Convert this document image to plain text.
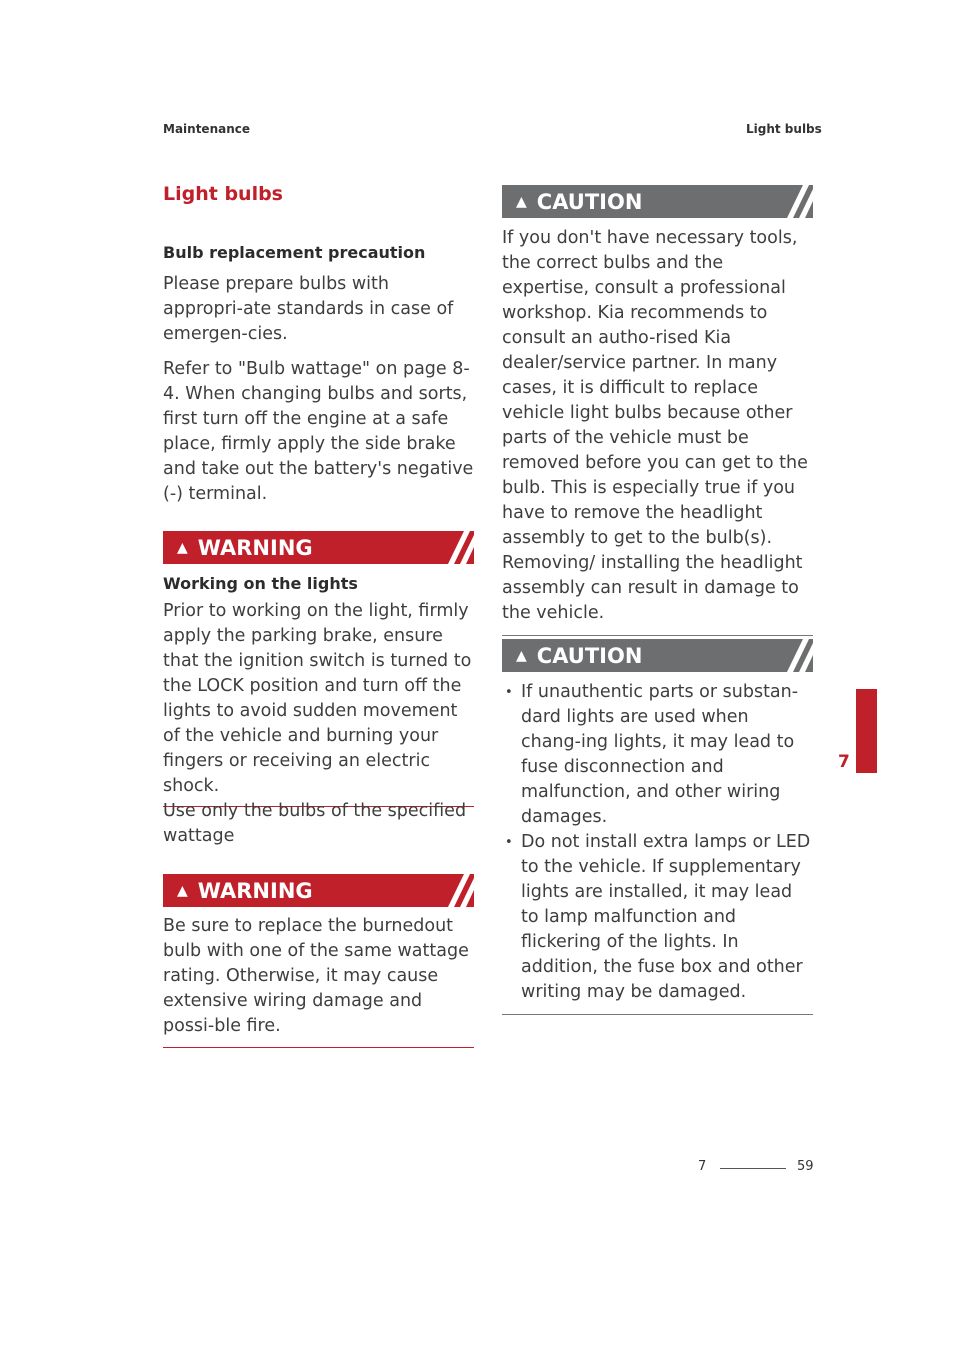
Maintenance	Light bulbs
Light bulbs

Bulb replacement precaution

Please prepare bulbs with appropri-ate standards in case of emergen-cies.

Refer to "Bulb wattage" on page 8-4. When changing bulbs and sorts, first turn off the engine at a safe place, firmly apply the side brake and take out the battery's negative (-) terminal.

▲ WARNING

Working on the lights

Prior to working on the light, firmly apply the parking brake, ensure that the ignition switch is turned to the LOCK position and turn off the lights to avoid sudden movement of the vehicle and burning your fingers or receiving an electric shock.

Use only the bulbs of the specified wattage

▲ WARNING

Be sure to replace the burnedout bulb with one of the same wattage rating. Otherwise, it may cause extensive wiring damage and possi-ble fire.

▲ CAUTION

If you don't have necessary tools, the correct bulbs and the expertise, consult a professional workshop. Kia recommends to consult an autho-rised Kia dealer/service partner. In many cases, it is difficult to replace vehicle light bulbs because other parts of the vehicle must be removed before you can get to the bulb. This is especially true if you have to remove the headlight assembly to get to the bulb(s). Removing/ installing the headlight assembly can result in damage to the vehicle.

▲ CAUTION
• If unauthentic parts or substan-dard lights are used when chang-ing lights, it may lead to fuse disconnection and malfunction, and other wiring damages.
• Do not install extra lamps or LED to the vehicle. If supplementary lights are installed, it may lead to lamp malfunction and flickering of the lights. In addition, the fuse box and other writing may be damaged.
7
7	59
